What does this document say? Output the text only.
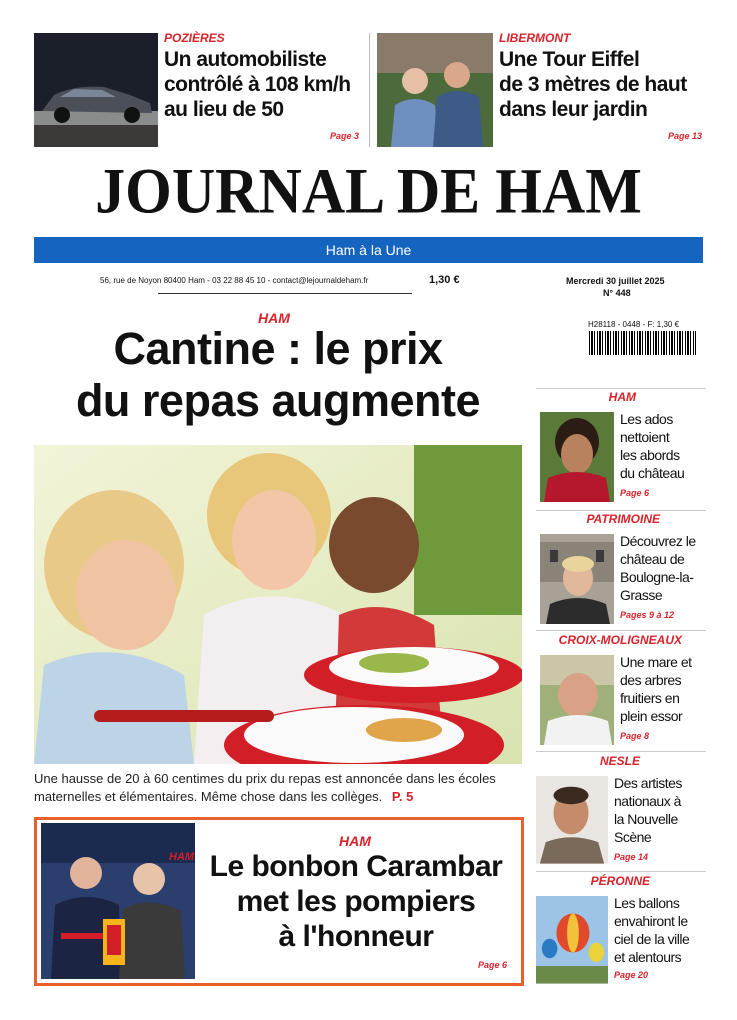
POZIÈRES
Un automobiliste
contrôlé à 108 km/h
au lieu de 50
Page 3
LIBERMONT
Une Tour Eiffel
de 3 mètres de haut
dans leur jardin
Page 13
JOURNAL DE HAM
Ham à la Une
56, rue de Noyon 80400 Ham - 03 22 88 45 10 - contact@lejournaldeham.fr	1,30 €	Mercredi 30 juillet 2025
N° 448
H28118 - 0448 - F: 1,30 €
HAM
Cantine : le prix
du repas augmente
Une hausse de 20 à 60 centimes du prix du repas est annoncée dans les écoles maternelles et élémentaires. Même chose dans les collèges. P. 5
HAM
HAM
Le bonbon Carambar
met les pompiers
à l'honneur
Page 6
HAM
Les ados
nettoient
les abords
du château
Page 6
PATRIMOINE
Découvrez le
château de
Boulogne-la-
Grasse
Pages 9 à 12
CROIX-MOLIGNEAUX
Une mare et
des arbres
fruitiers en
plein essor
Page 8
NESLE
Des artistes
nationaux à
la Nouvelle
Scène
Page 14
PÉRONNE
Les ballons
envahiront le
ciel de la ville
et alentours
Page 20
